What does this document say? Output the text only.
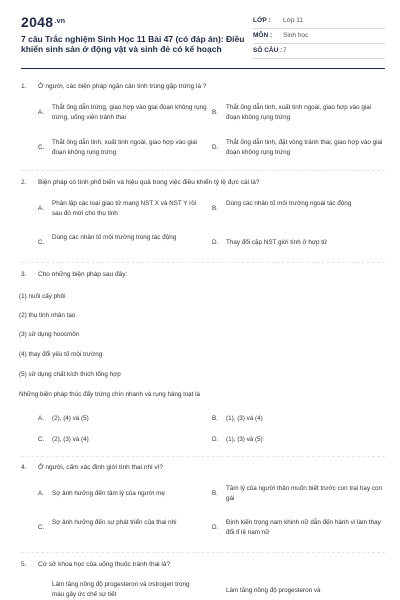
$2048^{.vn}$
7 câu Trắc nghiệm Sinh Học 11 Bài 47 (có đáp án): Điều khiển sinh sản ở động vật và sinh đẻ có kế hoạch
LỚP : Lớp 11
MÔN : Sinh học
SỐ CÂU : 7
1.	Ở người, các biện pháp ngăn cản tinh trùng gặp trứng là ?
A.
Thắt ống dẫn trứng, giao hợp vào giai đoạn không rụng trứng, uống viên tránh thai
B.
Thắt ống dẫn tinh, xuất tinh ngoài, giao hợp vào giai đoạn không rụng trứng
C.
Thắt ống dẫn tinh, xuất tinh ngoài, giao hợp vào giai đoạn không rụng trứng
D.
Thắt ống dẫn tinh, đặt vòng tránh thai, giao hợp vào giai đoạn không rụng trứng
2.	Biện pháp có tính phổ biến và hiệu quả trong việc điều khiển tỷ lệ đực cái là?
A.
Phân lập các loại giao tử mang NST X và NST Y rồi sau đó mới cho thụ tinh
B.
Dùng các nhân tố môi trường ngoài tác động
C.
Dùng các nhân tố môi trường trong tác động
D. Thay đổi cặp NST giới tính ở hợp tử
3.	Cho những biện pháp sau đây:
(1) nuôi cấy phôi
(2) thụ tinh nhân tạo
(3) sử dụng hoocmôn
(4) thay đổi yếu tố môi trường
(5) sử dụng chất kích thích tổng hợp
Những biện pháp thúc đẩy trứng chín nhanh và rụng hàng loạt là
A. (2), (4) và (5)	B. (1), (3) và (4)
C. (2), (3) và (4)	D. (1), (3) và (5)
4.	Ở người, cấm xác định giới tính thai nhi vì?
A. Sợ ảnh hưởng đến tâm lý của người mẹ	B.
Tâm lý của người thân muốn biết trước con trai hay con gái
C.
Sợ ảnh hưởng đến sự phát triển của thai nhi
D.
Định kiến trọng nam khinh nữ dẫn đến hành vi làm thay đổi tỉ lệ nam nữ
5.	Cơ sở khoa học của uống thuốc tránh thai là?
Làm tăng nồng độ progesteron và ơstrogen trong máu gây ức chế sự tiết
Làm tăng nồng độ progesteron và
